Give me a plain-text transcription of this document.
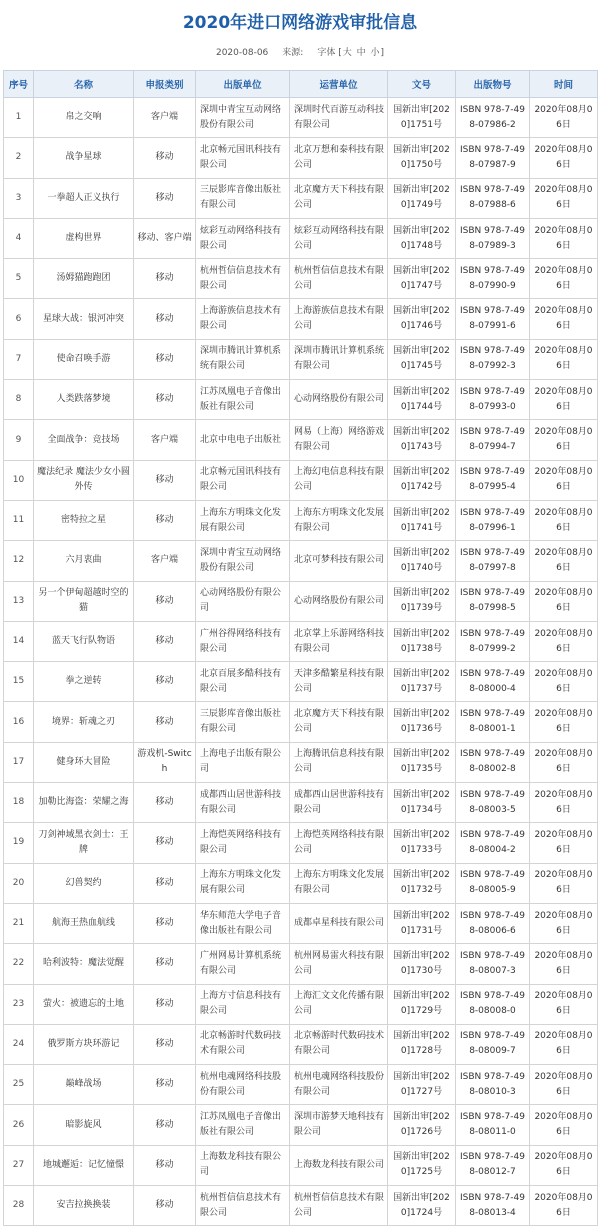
2020年进口网络游戏审批信息
2020-08-06 来源: 字体 [大 中 小]
序号	名称	申报类别	出版单位	运营单位	文号	出版物号	时间
1	帛之交响	客户端	深圳中青宝互动网络股份有限公司	深圳时代百游互动科技有限公司	国新出审[2020]1751号	ISBN 978-7-498-07986-2	2020年08月06日
2	战争星球	移动	北京畅元国讯科技有限公司	北京万想和泰科技有限公司	国新出审[2020]1750号	ISBN 978-7-498-07987-9	2020年08月06日
3	一拳超人正义执行	移动	三辰影库音像出版社有限公司	北京魔方天下科技有限公司	国新出审[2020]1749号	ISBN 978-7-498-07988-6	2020年08月06日
4	虚构世界	移动、客户端	炫彩互动网络科技有限公司	炫彩互动网络科技有限公司	国新出审[2020]1748号	ISBN 978-7-498-07989-3	2020年08月06日
5	汤姆猫跑跑团	移动	杭州哲信信息技术有限公司	杭州哲信信息技术有限公司	国新出审[2020]1747号	ISBN 978-7-498-07990-9	2020年08月06日
6	星球大战：银河冲突	移动	上海游族信息技术有限公司	上海游族信息技术有限公司	国新出审[2020]1746号	ISBN 978-7-498-07991-6	2020年08月06日
7	使命召唤手游	移动	深圳市腾讯计算机系统有限公司	深圳市腾讯计算机系统有限公司	国新出审[2020]1745号	ISBN 978-7-498-07992-3	2020年08月06日
8	人类跌落梦境	移动	江苏凤凰电子音像出版社有限公司	心动网络股份有限公司	国新出审[2020]1744号	ISBN 978-7-498-07993-0	2020年08月06日
9	全面战争：竞技场	客户端	北京中电电子出版社	网易（上海）网络游戏有限公司	国新出审[2020]1743号	ISBN 978-7-498-07994-7	2020年08月06日
10	魔法纪录 魔法少女小圆外传	移动	北京畅元国讯科技有限公司	上海幻电信息科技有限公司	国新出审[2020]1742号	ISBN 978-7-498-07995-4	2020年08月06日
11	密特拉之星	移动	上海东方明珠文化发展有限公司	上海东方明珠文化发展有限公司	国新出审[2020]1741号	ISBN 978-7-498-07996-1	2020年08月06日
12	六月衷曲	客户端	深圳中青宝互动网络股份有限公司	北京可梦科技有限公司	国新出审[2020]1740号	ISBN 978-7-498-07997-8	2020年08月06日
13	另一个伊甸超越时空的猫	移动	心动网络股份有限公司	心动网络股份有限公司	国新出审[2020]1739号	ISBN 978-7-498-07998-5	2020年08月06日
14	蓝天飞行队物语	移动	广州谷得网络科技有限公司	北京掌上乐游网络科技有限公司	国新出审[2020]1738号	ISBN 978-7-498-07999-2	2020年08月06日
15	拳之逆转	移动	北京百展多酷科技有限公司	天津多酷繁星科技有限公司	国新出审[2020]1737号	ISBN 978-7-498-08000-4	2020年08月06日
16	境界：斩魂之刃	移动	三辰影库音像出版社有限公司	北京魔方天下科技有限公司	国新出审[2020]1736号	ISBN 978-7-498-08001-1	2020年08月06日
17	健身环大冒险	游戏机-Switch	上海电子出版有限公司	上海腾讯信息科技有限公司	国新出审[2020]1735号	ISBN 978-7-498-08002-8	2020年08月06日
18	加勒比海盗：荣耀之海	移动	成都西山居世游科技有限公司	成都西山居世游科技有限公司	国新出审[2020]1734号	ISBN 978-7-498-08003-5	2020年08月06日
19	刀剑神域黑衣剑士：王牌	移动	上海恺英网络科技有限公司	上海恺英网络科技有限公司	国新出审[2020]1733号	ISBN 978-7-498-08004-2	2020年08月06日
20	幻兽契约	移动	上海东方明珠文化发展有限公司	上海东方明珠文化发展有限公司	国新出审[2020]1732号	ISBN 978-7-498-08005-9	2020年08月06日
21	航海王热血航线	移动	华东师范大学电子音像出版社有限公司	成都卓星科技有限公司	国新出审[2020]1731号	ISBN 978-7-498-08006-6	2020年08月06日
22	哈利波特：魔法觉醒	移动	广州网易计算机系统有限公司	杭州网易雷火科技有限公司	国新出审[2020]1730号	ISBN 978-7-498-08007-3	2020年08月06日
23	萤火：被遗忘的土地	移动	上海方寸信息科技有限公司	上海汇文文化传播有限公司	国新出审[2020]1729号	ISBN 978-7-498-08008-0	2020年08月06日
24	俄罗斯方块环游记	移动	北京畅游时代数码技术有限公司	北京畅游时代数码技术有限公司	国新出审[2020]1728号	ISBN 978-7-498-08009-7	2020年08月06日
25	巅峰战场	移动	杭州电魂网络科技股份有限公司	杭州电魂网络科技股份有限公司	国新出审[2020]1727号	ISBN 978-7-498-08010-3	2020年08月06日
26	暗影旋风	移动	江苏凤凰电子音像出版社有限公司	深圳市游梦天地科技有限公司	国新出审[2020]1726号	ISBN 978-7-498-08011-0	2020年08月06日
27	地城邂逅：记忆憧憬	移动	上海数龙科技有限公司	上海数龙科技有限公司	国新出审[2020]1725号	ISBN 978-7-498-08012-7	2020年08月06日
28	安吉拉换换装	移动	杭州哲信信息技术有限公司	杭州哲信信息技术有限公司	国新出审[2020]1724号	ISBN 978-7-498-08013-4	2020年08月06日
